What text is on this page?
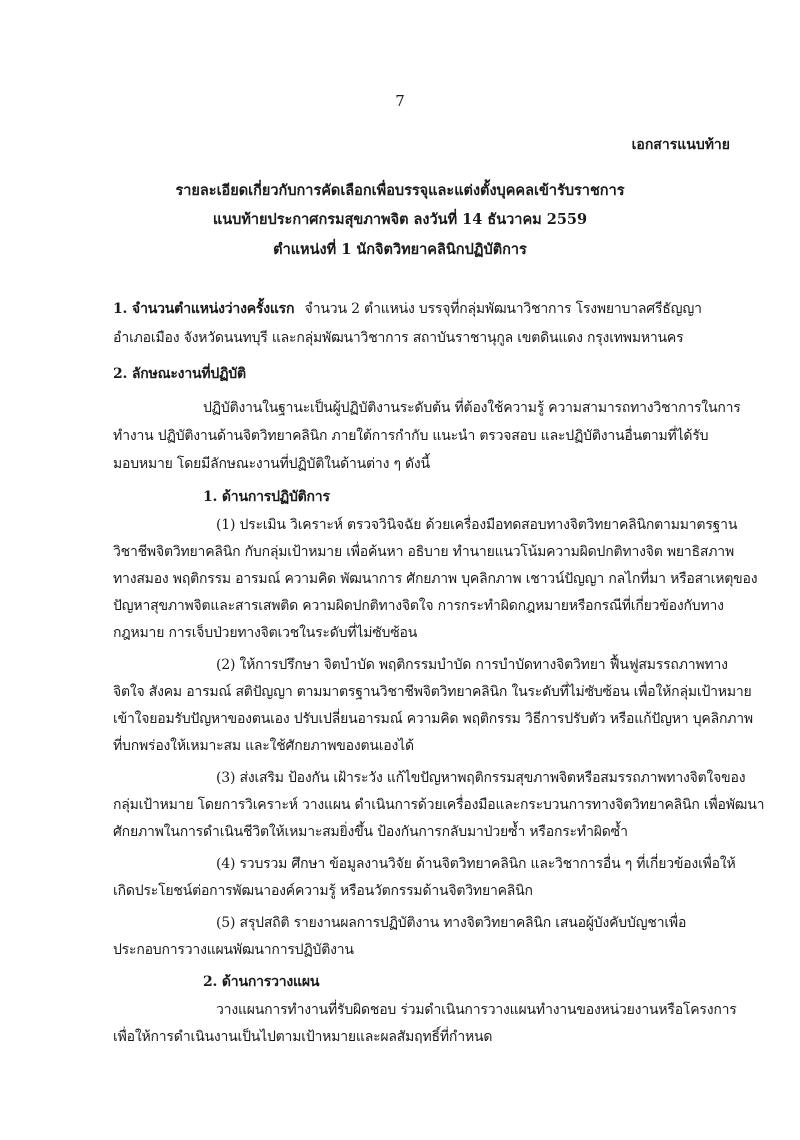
7
เอกสารแนบท้าย
รายละเอียดเกี่ยวกับการคัดเลือกเพื่อบรรจุและแต่งตั้งบุคคลเข้ารับราชการ
แนบท้ายประกาศกรมสุขภาพจิต ลงวันที่ 14 ธันวาคม 2559
ตำแหน่งที่ 1 นักจิตวิทยาคลินิกปฏิบัติการ
1. จำนวนตำแหน่งว่างครั้งแรก จำนวน 2 ตำแหน่ง บรรจุที่กลุ่มพัฒนาวิชาการ โรงพยาบาลศรีธัญญา
อำเภอเมือง จังหวัดนนทบุรี และกลุ่มพัฒนาวิชาการ สถาบันราชานุกูล เขตดินแดง กรุงเทพมหานคร
2. ลักษณะงานที่ปฏิบัติ
ปฏิบัติงานในฐานะเป็นผู้ปฏิบัติงานระดับต้น ที่ต้องใช้ความรู้ ความสามารถทางวิชาการในการ
ทำงาน ปฏิบัติงานด้านจิตวิทยาคลินิก ภายใต้การกำกับ แนะนำ ตรวจสอบ และปฏิบัติงานอื่นตามที่ได้รับ
มอบหมาย โดยมีลักษณะงานที่ปฏิบัติในด้านต่าง ๆ ดังนี้
1. ด้านการปฏิบัติการ
(1) ประเมิน วิเคราะห์ ตรวจวินิจฉัย ด้วยเครื่องมือทดสอบทางจิตวิทยาคลินิกตามมาตรฐาน
วิชาชีพจิตวิทยาคลินิก กับกลุ่มเป้าหมาย เพื่อค้นหา อธิบาย ทำนายแนวโน้มความผิดปกติทางจิต พยาธิสภาพ
ทางสมอง พฤติกรรม อารมณ์ ความคิด พัฒนาการ ศักยภาพ บุคลิกภาพ เชาวน์ปัญญา กลไกที่มา หรือสาเหตุของ
ปัญหาสุขภาพจิตและสารเสพติด ความผิดปกติทางจิตใจ การกระทำผิดกฎหมายหรือกรณีที่เกี่ยวข้องกับทาง
กฎหมาย การเจ็บป่วยทางจิตเวชในระดับที่ไม่ซับซ้อน
(2) ให้การปรึกษา จิตบำบัด พฤติกรรมบำบัด การบำบัดทางจิตวิทยา ฟื้นฟูสมรรถภาพทาง
จิตใจ สังคม อารมณ์ สติปัญญา ตามมาตรฐานวิชาชีพจิตวิทยาคลินิก ในระดับที่ไม่ซับซ้อน เพื่อให้กลุ่มเป้าหมาย
เข้าใจยอมรับปัญหาของตนเอง ปรับเปลี่ยนอารมณ์ ความคิด พฤติกรรม วิธีการปรับตัว หรือแก้ปัญหา บุคลิกภาพ
ที่บกพร่องให้เหมาะสม และใช้ศักยภาพของตนเองได้
(3) ส่งเสริม ป้องกัน เฝ้าระวัง แก้ไขปัญหาพฤติกรรมสุขภาพจิตหรือสมรรถภาพทางจิตใจของ
กลุ่มเป้าหมาย โดยการวิเคราะห์ วางแผน ดำเนินการด้วยเครื่องมือและกระบวนการทางจิตวิทยาคลินิก เพื่อพัฒนา
ศักยภาพในการดำเนินชีวิตให้เหมาะสมยิ่งขึ้น ป้องกันการกลับมาป่วยซ้ำ หรือกระทำผิดซ้ำ
(4) รวบรวม ศึกษา ข้อมูลงานวิจัย ด้านจิตวิทยาคลินิก และวิชาการอื่น ๆ ที่เกี่ยวข้องเพื่อให้
เกิดประโยชน์ต่อการพัฒนาองค์ความรู้ หรือนวัตกรรมด้านจิตวิทยาคลินิก
(5) สรุปสถิติ รายงานผลการปฏิบัติงาน ทางจิตวิทยาคลินิก เสนอผู้บังคับบัญชาเพื่อ
ประกอบการวางแผนพัฒนาการปฏิบัติงาน
2. ด้านการวางแผน
วางแผนการทำงานที่รับผิดชอบ ร่วมดำเนินการวางแผนทำงานของหน่วยงานหรือโครงการ
เพื่อให้การดำเนินงานเป็นไปตามเป้าหมายและผลสัมฤทธิ์ที่กำหนด
